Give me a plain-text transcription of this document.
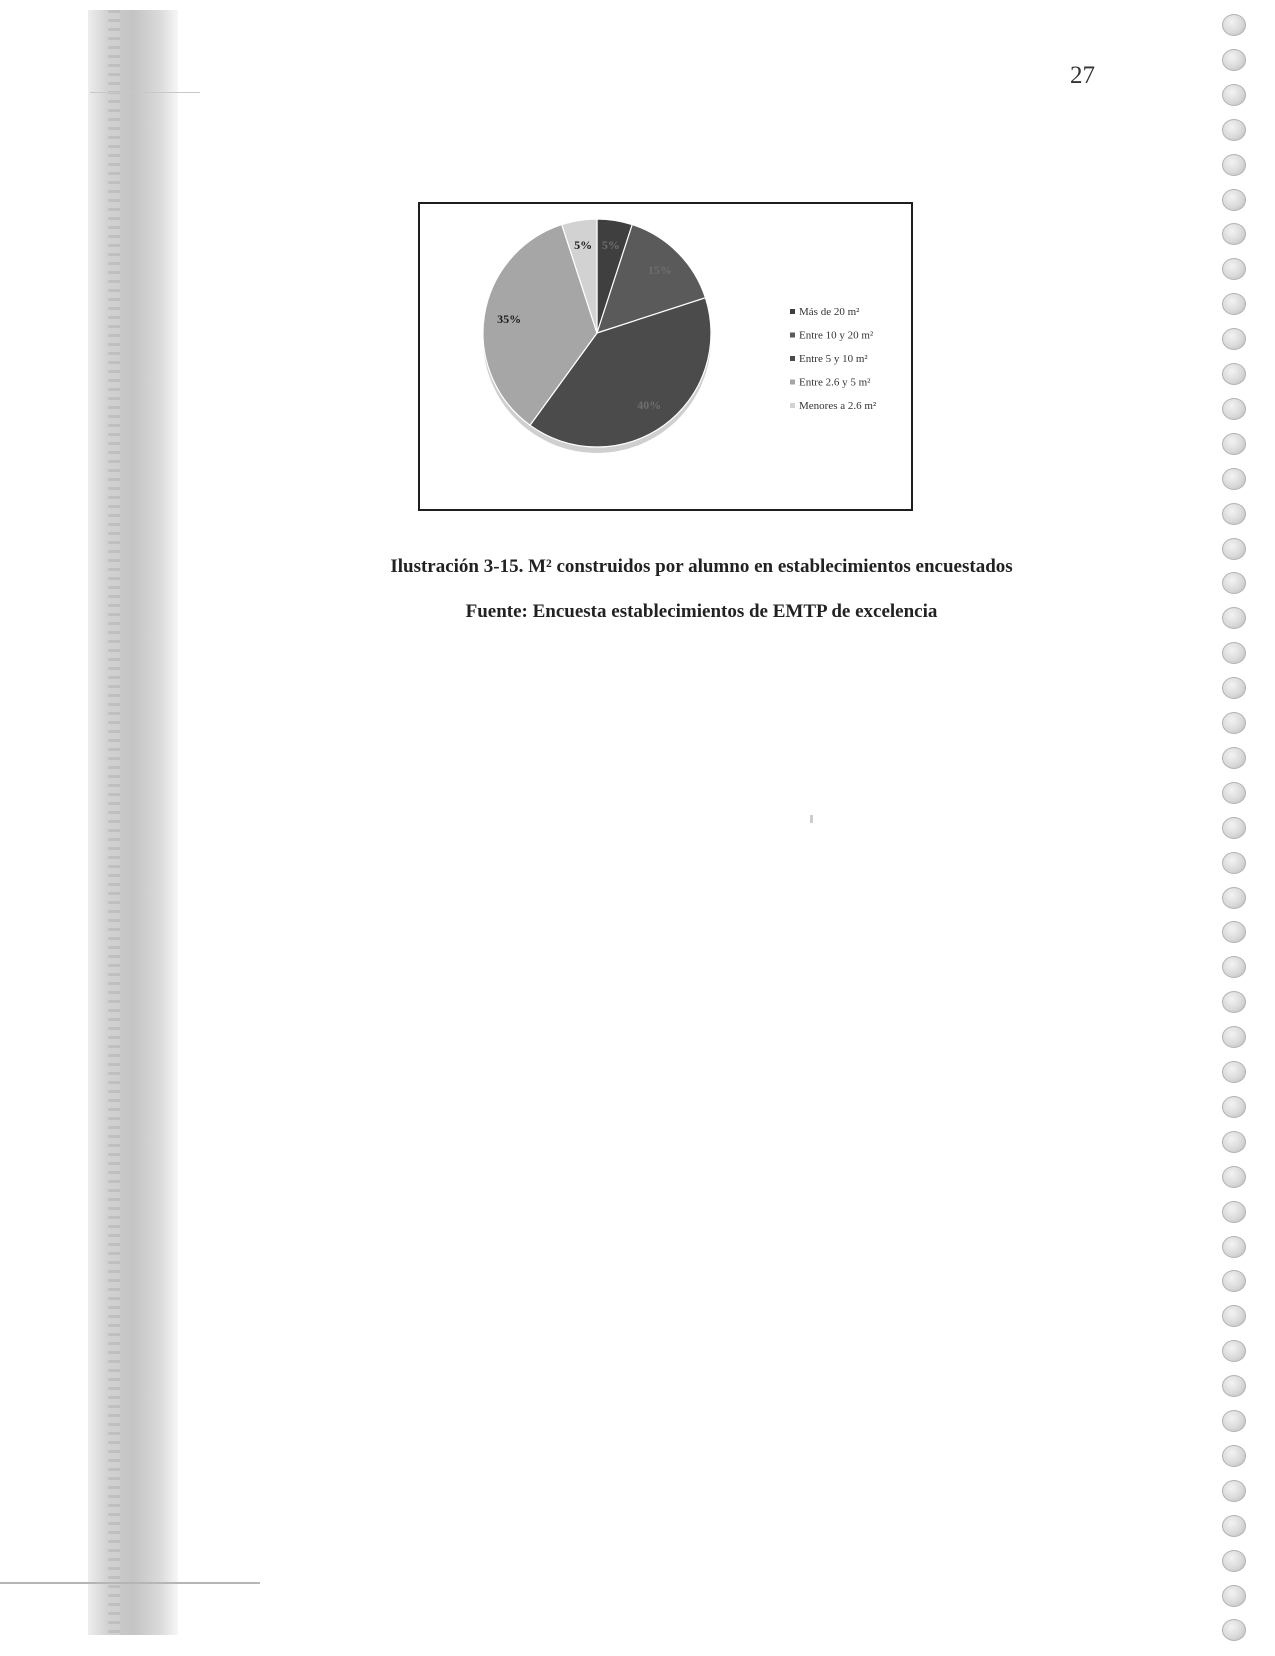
27
5%
15%
40%
35%
5%
Más de 20 m²
Entre 10 y 20 m²
Entre 5 y 10 m²
Entre 2.6 y 5 m²
Menores a 2.6 m²
Ilustración 3-15. M² construidos por alumno en establecimientos encuestados
Fuente: Encuesta establecimientos de EMTP de excelencia
